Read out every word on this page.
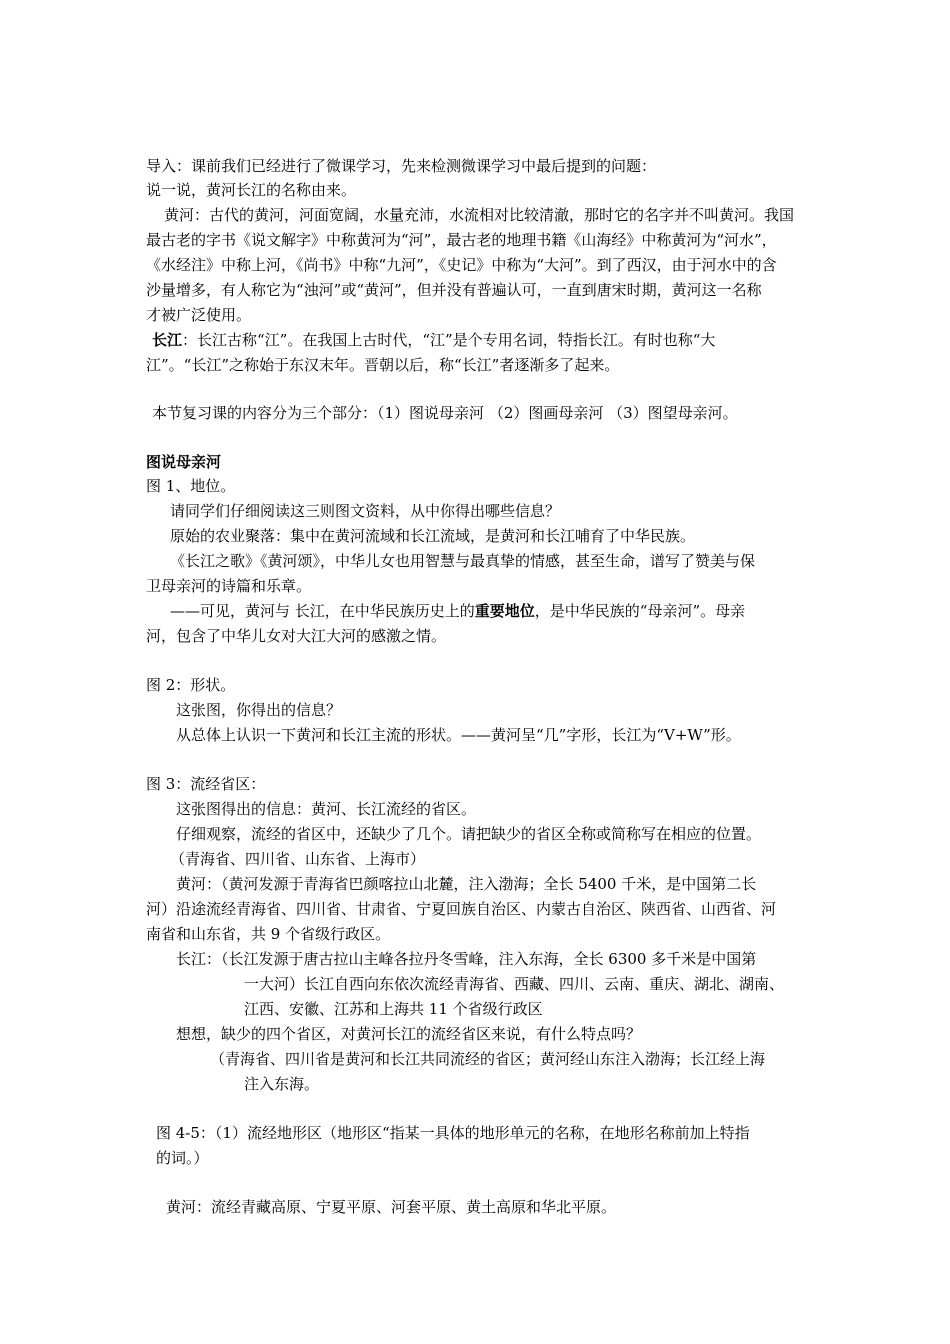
导入：课前我们已经进行了微课学习，先来检测微课学习中最后提到的问题：
说一说，黄河长江的名称由来。
黄河：古代的黄河，河面宽阔，水量充沛，水流相对比较清澈，那时它的名字并不叫黄河。我国
最古老的字书《说文解字》中称黄河为“河”，最古老的地理书籍《山海经》中称黄河为“河水”，
《水经注》中称上河，《尚书》中称“九河”，《史记》中称为“大河”。到了西汉，由于河水中的含
沙量增多，有人称它为“浊河”或“黄河”，但并没有普遍认可，一直到唐宋时期，黄河这一名称
才被广泛使用。
长江：长江古称“江”。在我国上古时代，“江”是个专用名词，特指长江。有时也称“大
江”。“长江”之称始于东汉末年。晋朝以后，称“长江”者逐渐多了起来。
本节复习课的内容分为三个部分：（1）图说母亲河 （2）图画母亲河 （3）图望母亲河。
图说母亲河
图 1、地位。
请同学们仔细阅读这三则图文资料，从中你得出哪些信息？
原始的农业聚落：集中在黄河流域和长江流域，是黄河和长江哺育了中华民族。
《长江之歌》《黄河颂》，中华儿女也用智慧与最真挚的情感，甚至生命，谱写了赞美与保
卫母亲河的诗篇和乐章。
——可见，黄河与 长江，在中华民族历史上的重要地位，是中华民族的“母亲河”。母亲
河，包含了中华儿女对大江大河的感激之情。
图 2：形状。
这张图，你得出的信息？
从总体上认识一下黄河和长江主流的形状。——黄河呈“几”字形，长江为“V+W”形。
图 3：流经省区：
这张图得出的信息：黄河、长江流经的省区。
仔细观察，流经的省区中，还缺少了几个。请把缺少的省区全称或简称写在相应的位置。
（青海省、四川省、山东省、上海市）
黄河：（黄河发源于青海省巴颜喀拉山北麓，注入渤海；全长 5400 千米，是中国第二长
河）沿途流经青海省、四川省、甘肃省、宁夏回族自治区、内蒙古自治区、陕西省、山西省、河
南省和山东省，共 9 个省级行政区。
长江：（长江发源于唐古拉山主峰各拉丹冬雪峰，注入东海，全长 6300 多千米是中国第
一大河）长江自西向东依次流经青海省、西藏、四川、云南、重庆、湖北、湖南、
江西、安徽、江苏和上海共 11 个省级行政区
想想，缺少的四个省区，对黄河长江的流经省区来说，有什么特点吗？
（青海省、四川省是黄河和长江共同流经的省区；黄河经山东注入渤海；长江经上海
注入东海。
图 4-5：（1）流经地形区（地形区“指某一具体的地形单元的名称，在地形名称前加上特指
的词。）
黄河：流经青藏高原、宁夏平原、河套平原、黄土高原和华北平原。
